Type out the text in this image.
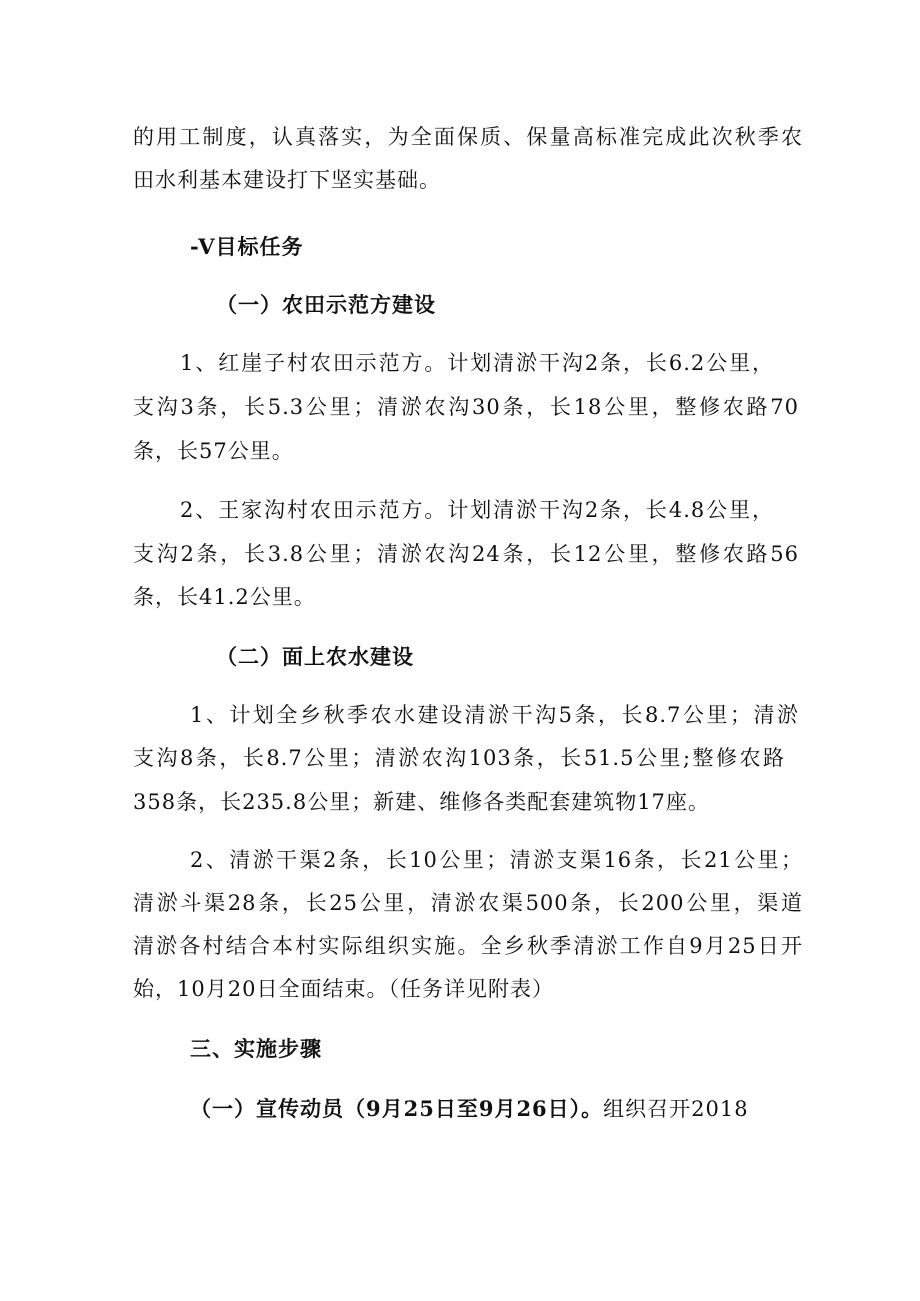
的用工制度，认真落实，为全面保质、保量高标准完成此次秋季农
田水利基本建设打下坚实基础。
-V目标任务
（一）农田示范方建设
1、红崖子村农田示范方。计划清淤干沟2条，长6.2公里，
支沟3条，长5.3公里；清淤农沟30条，长18公里，整修农路70
条，长57公里。
2、王家沟村农田示范方。计划清淤干沟2条，长4.8公里，
支沟2条，长3.8公里；清淤农沟24条，长12公里，整修农路56
条，长41.2公里。
（二）面上农水建设
1、计划全乡秋季农水建设清淤干沟5条，长8.7公里；清淤
支沟8条，长8.7公里；清淤农沟103条，长51.5公里;整修农路
358条，长235.8公里；新建、维修各类配套建筑物17座。
2、清淤干渠2条，长10公里；清淤支渠16条，长21公里；
清淤斗渠28条，长25公里，清淤农渠500条，长200公里，渠道
清淤各村结合本村实际组织实施。全乡秋季清淤工作自9月25日开
始，10月20日全面结束。（任务详见附表）
三、实施步骤
（一）宣传动员（9月25日至9月26日）。组织召开2018
